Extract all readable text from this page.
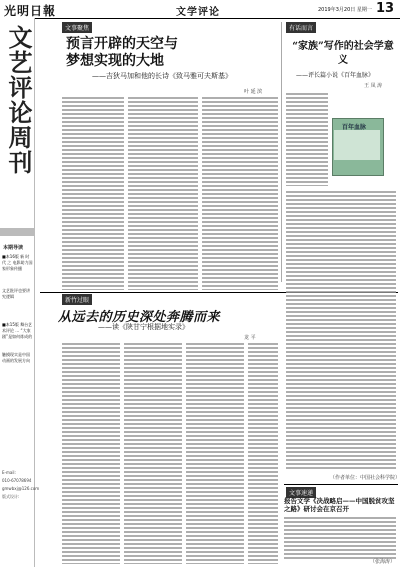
光明日報	文学评论	2019年3月20日 星期一 13
文艺评论周刊
本期导读
■本16版 新 时 代 之 电影助力国家形象传播
文艺批评也要讲究逻辑
■本15版 舞台艺术评论 … “大家剧”是如何炼成的
触摸现实是中国动画的发展方向
E-mail:
010-67078694
gmwbxj@126.com
版式设计:
文事聚焦
预言开辟的天空与
梦想实现的大地
——吉狄马加和他的长诗《致马雅可夫斯基》
叶 延 滨
新竹过眼
从远去的历史深处奔腾而来
——读《陕甘宁根据地实录》
龙 平
有话而言
“家族”写作的社会学意义
——评长篇小说《百年血脉》
王 凤 涛
百年血脉
（作者单位：中国社会科学院）
文事速递
报告文学《决战略启——中国脱贫攻坚之路》研讨会在京召开
（张海涛）
